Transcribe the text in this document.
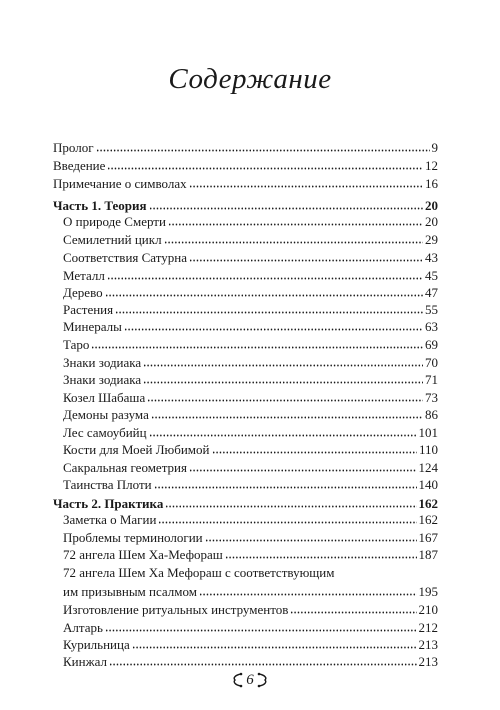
Содержание
Пролог	9
Введение	12
Примечание о символах	16
Часть 1. Теория	20
О природе Смерти	20
Семилетний цикл	29
Соответствия Сатурна	43
Металл	45
Дерево	47
Растения	55
Минералы	63
Таро	69
Знаки зодиака	70
Знаки зодиака	71
Козел Шабаша	73
Демоны разума	86
Лес самоубийц	101
Кости для Моей Любимой	110
Сакральная геометрия	124
Таинства Плоти	140
Часть 2. Практика	162
Заметка о Магии	162
Проблемы терминологии	167
72 ангела Шем Ха-Мефораш	187
72 ангела Шем Ха Мефораш с соответствующим
им призывным псалмом	195
Изготовление ритуальных инструментов	210
Алтарь	212
Курильница	213
Кинжал	213
6
